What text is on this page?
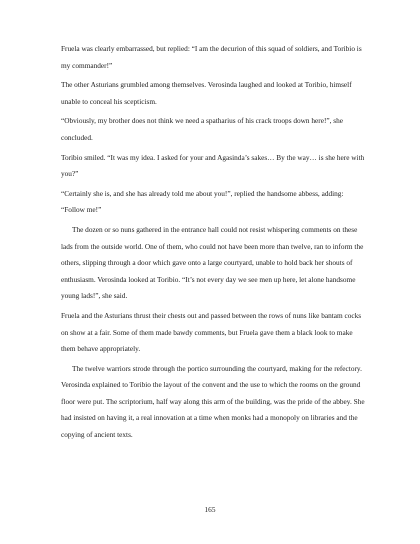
Fruela was clearly embarrassed, but replied: “I am the decurion of this squad of soldiers, and Toribio is my commander!”

The other Asturians grumbled among themselves. Verosinda laughed and looked at Toribio, himself unable to conceal his scepticism.

“Obviously, my brother does not think we need a spatharius of his crack troops down here!”, she concluded.

Toribio smiled. “It was my idea. I asked for your and Agasinda’s sakes… By the way… is she here with you?”

“Certainly she is, and she has already told me about you!”, replied the handsome abbess, adding: “Follow me!”

The dozen or so nuns gathered in the entrance hall could not resist whispering comments on these lads from the outside world. One of them, who could not have been more than twelve, ran to inform the others, slipping through a door which gave onto a large courtyard, unable to hold back her shouts of enthusiasm. Verosinda looked at Toribio. “It’s not every day we see men up here, let alone handsome young lads!”, she said.

Fruela and the Asturians thrust their chests out and passed between the rows of nuns like bantam cocks on show at a fair. Some of them made bawdy comments, but Fruela gave them a black look to make them behave appropriately.

The twelve warriors strode through the portico surrounding the courtyard, making for the refectory. Verosinda explained to Toribio the layout of the convent and the use to which the rooms on the ground floor were put. The scriptorium, half way along this arm of the building, was the pride of the abbey. She had insisted on having it, a real innovation at a time when monks had a monopoly on libraries and the copying of ancient texts.

165
